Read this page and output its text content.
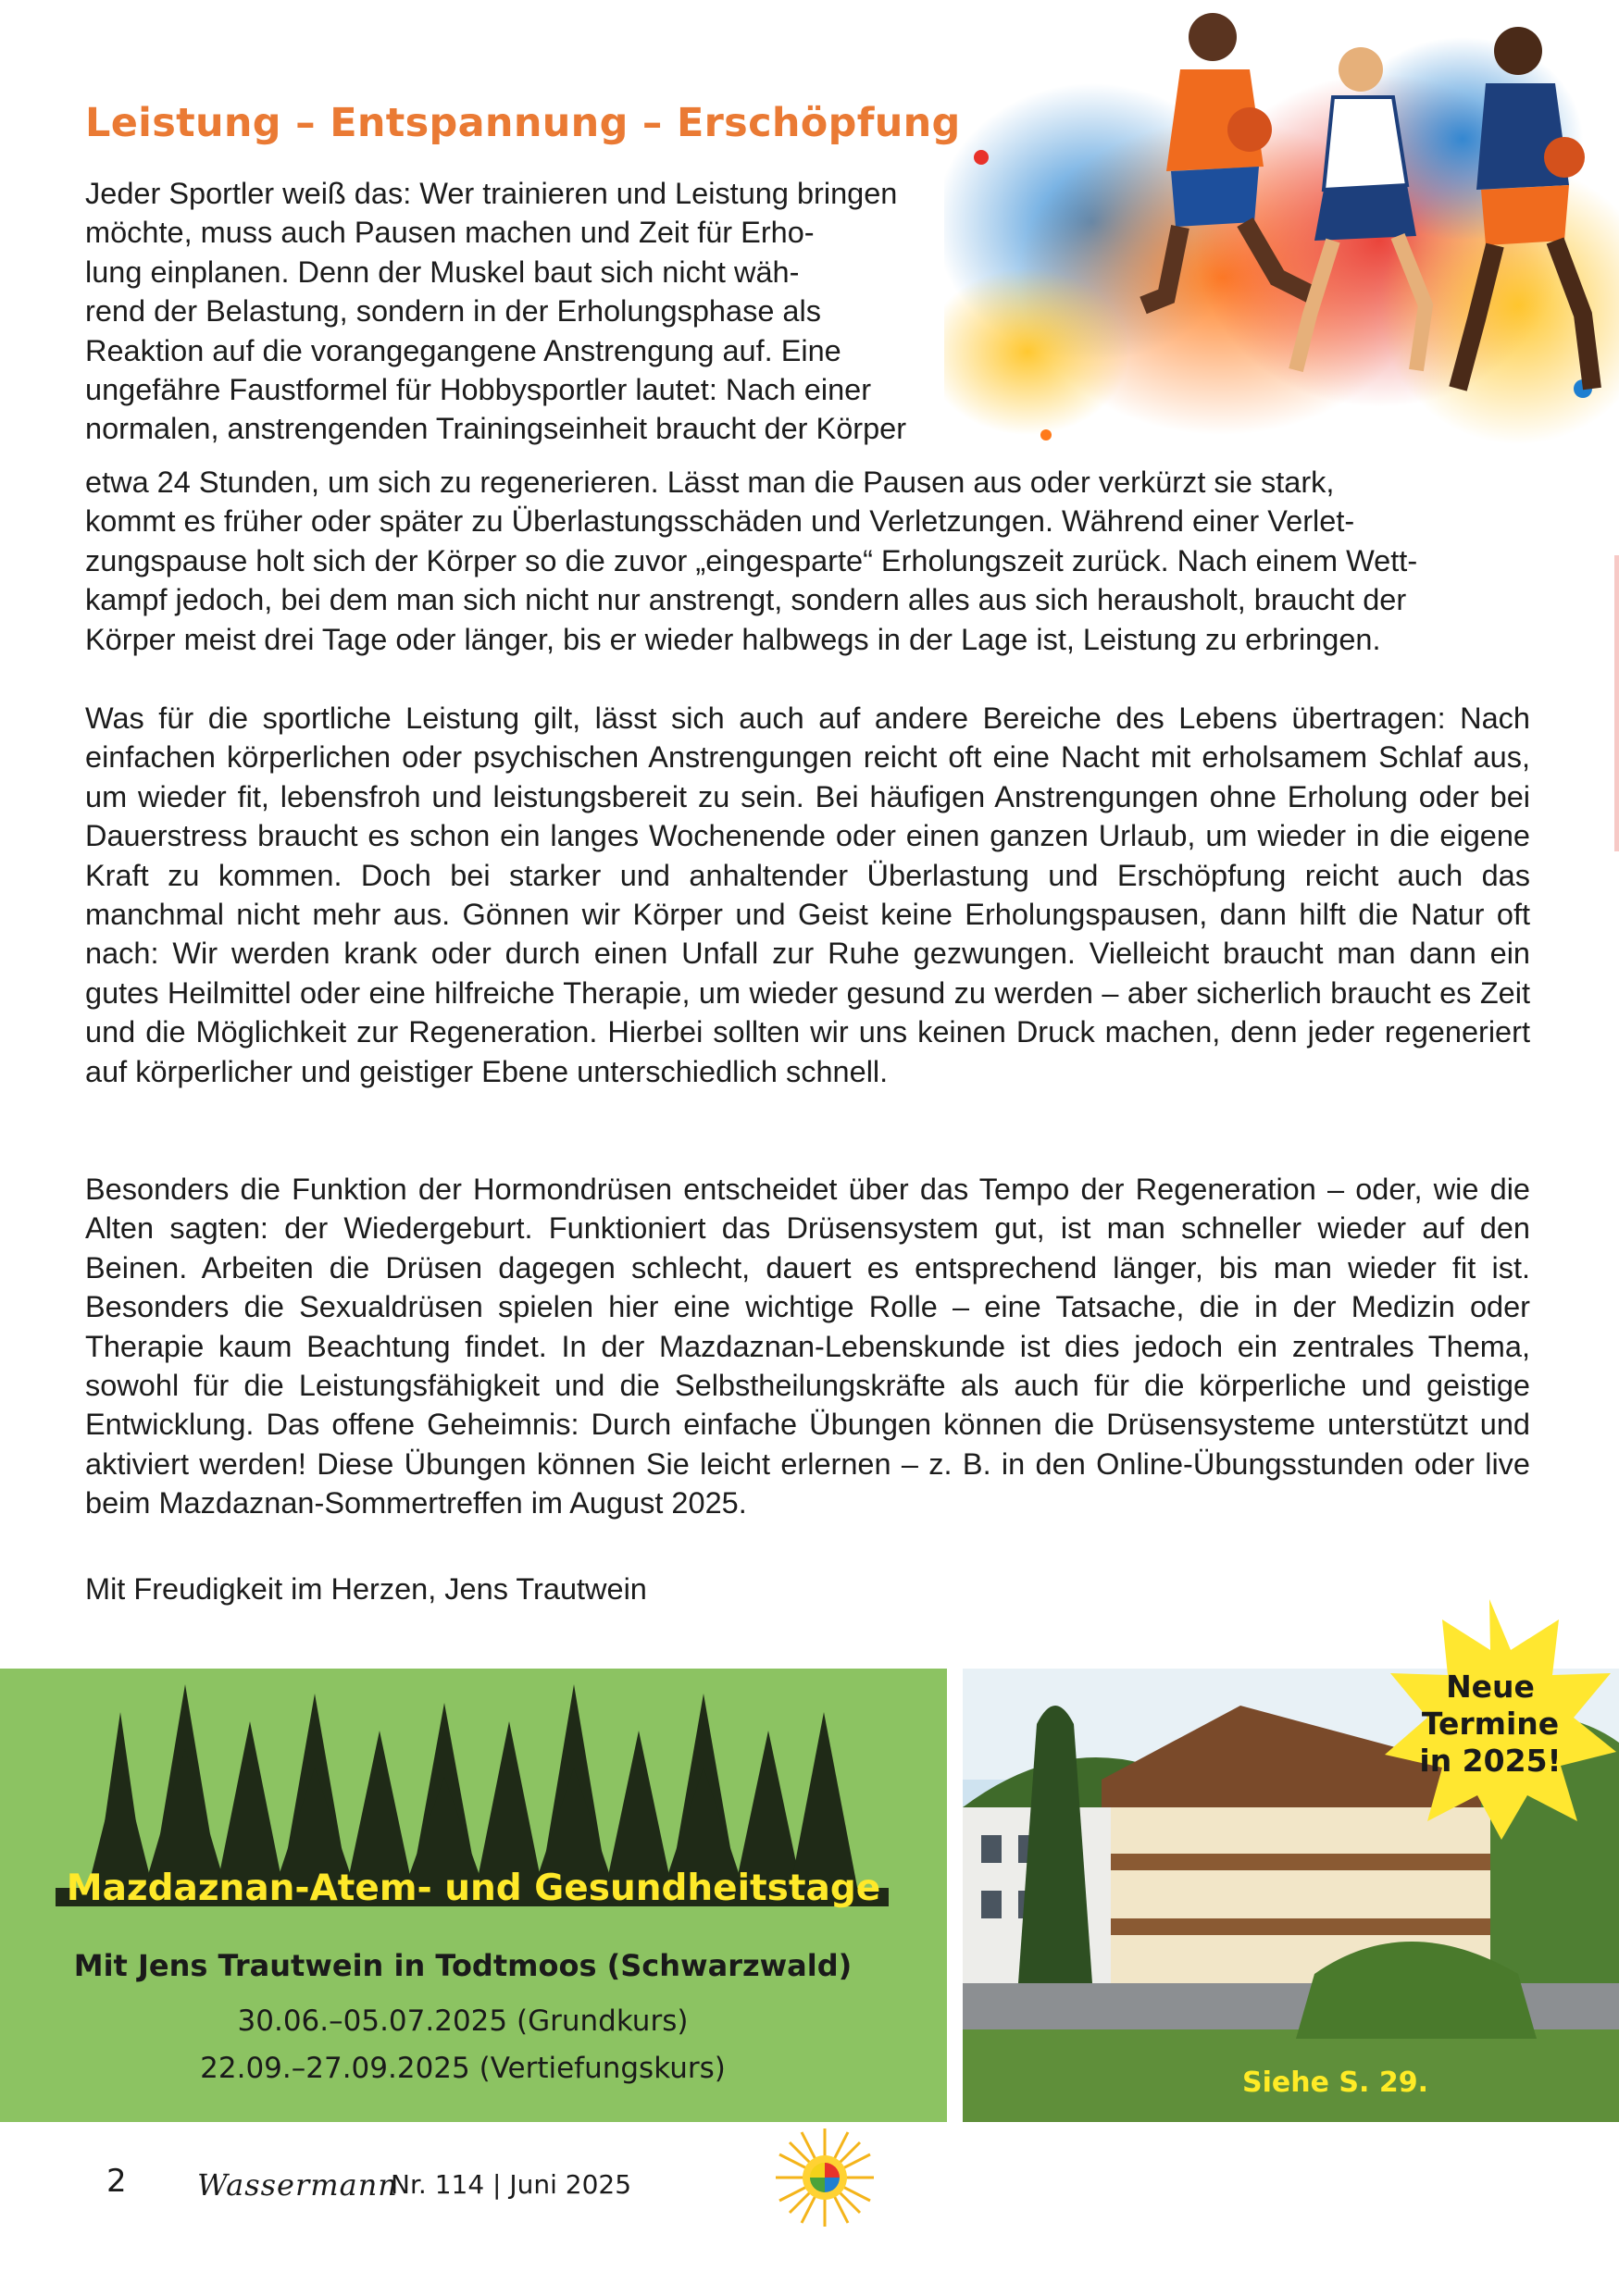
Leistung – Entspannung – Erschöpfung
Jeder Sportler weiß das: Wer trainieren und Leistung bringen
möchte, muss auch Pausen machen und Zeit für Erho-
lung einplanen. Denn der Muskel baut sich nicht wäh-
rend der Belastung, sondern in der Erholungsphase als
Reaktion auf die vorangegangene Anstrengung auf. Eine
ungefähre Faustformel für Hobbysportler lautet: Nach einer
normalen, anstrengenden Trainingseinheit braucht der Körper
etwa 24 Stunden, um sich zu regenerieren. Lässt man die Pausen aus oder verkürzt sie stark,
kommt es früher oder später zu Überlastungsschäden und Verletzungen. Während einer Verlet-
zungspause holt sich der Körper so die zuvor „eingesparte“ Erholungszeit zurück. Nach einem Wett-
kampf jedoch, bei dem man sich nicht nur anstrengt, sondern alles aus sich herausholt, braucht der
Körper meist drei Tage oder länger, bis er wieder halbwegs in der Lage ist, Leistung zu erbringen.

Was für die sportliche Leistung gilt, lässt sich auch auf andere Bereiche des Lebens übertragen: Nach einfachen körperlichen oder psychischen Anstrengungen reicht oft eine Nacht mit erholsamem Schlaf aus, um wieder fit, lebensfroh und leistungsbereit zu sein. Bei häufigen Anstrengungen ohne Erholung oder bei Dauerstress braucht es schon ein langes Wochenende oder einen ganzen Urlaub, um wieder in die eigene Kraft zu kommen. Doch bei starker und anhaltender Überlastung und Erschöpfung reicht auch das manchmal nicht mehr aus. Gönnen wir Körper und Geist keine Erholungspausen, dann hilft die Natur oft nach: Wir werden krank oder durch einen Unfall zur Ruhe gezwungen. Vielleicht braucht man dann ein gutes Heilmittel oder eine hilfreiche Therapie, um wieder gesund zu werden – aber sicherlich braucht es Zeit und die Möglichkeit zur Regeneration. Hierbei sollten wir uns keinen Druck machen, denn jeder regeneriert auf körperlicher und geistiger Ebene unterschiedlich schnell.

Besonders die Funktion der Hormondrüsen entscheidet über das Tempo der Regeneration – oder, wie die Alten sagten: der Wiedergeburt. Funktioniert das Drüsensystem gut, ist man schneller wieder auf den Beinen. Arbeiten die Drüsen dagegen schlecht, dauert es entsprechend länger, bis man wieder fit ist. Besonders die Sexualdrüsen spielen hier eine wichtige Rolle – eine Tatsache, die in der Medizin oder Therapie kaum Beachtung findet. In der Mazdaznan-Lebenskunde ist dies jedoch ein zentrales Thema, sowohl für die Leistungsfähigkeit und die Selbstheilungskräfte als auch für die körperliche und geistige Entwicklung. Das offene Geheimnis: Durch einfache Übungen können die Drüsensysteme unterstützt und aktiviert werden! Diese Übungen können Sie leicht erlernen – z. B. in den Online-Übungsstunden oder live beim Mazdaznan-Sommertreffen im August 2025.

Mit Freudigkeit im Herzen, Jens Trautwein

Mazdaznan-Atem- und Gesundheitstage
Mit Jens Trautwein in Todtmoos (Schwarzwald)
30.06.–05.07.2025 (Grundkurs)
22.09.–27.09.2025 (Vertiefungskurs)	Siehe S. 29.
Neue
Termine
in 2025!
2 Wassermann
Nr. 114 | Juni 2025
